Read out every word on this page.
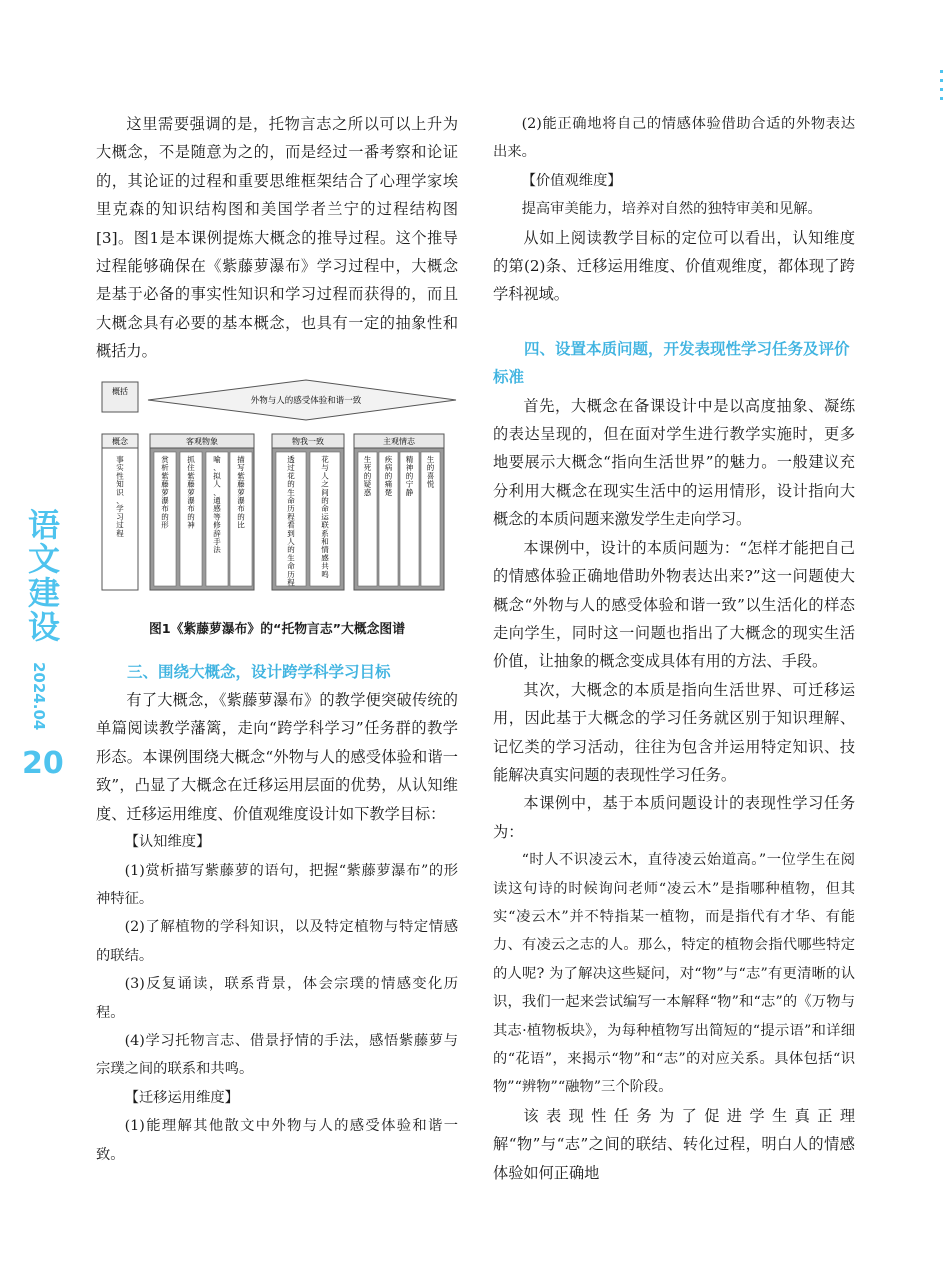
语文建设
2024.04
20

这里需要强调的是，托物言志之所以可以上升为大概念，不是随意为之的，而是经过一番考察和论证的，其论证的过程和重要思维框架结合了心理学家埃里克森的知识结构图和美国学者兰宁的过程结构图[3]。图1是本课例提炼大概念的推导过程。这个推导过程能够确保在《紫藤萝瀑布》学习过程中，大概念是基于必备的事实性知识和学习过程而获得的，而且大概念具有必要的基本概念，也具有一定的抽象性和概括力。

概括
外物与人的感受体验和谐一致
概念	客观物象	物我一致	主观情志
事实性知识、学习过程
赏析紫藤萝瀑布的形
抓住紫藤萝瀑布的神
喻、拟人、通感等修辞手法
描写紫藤萝瀑布的比
透过花的生命历程看到人的生命历程
花与人之间的命运联系和情感共鸣
生死的疑惑
疾病的痛楚
精神的宁静
生的喜悦
图1《紫藤萝瀑布》的“托物言志”大概念图谱
三、围绕大概念，设计跨学科学习目标

有了大概念，《紫藤萝瀑布》的教学便突破传统的单篇阅读教学藩篱，走向“跨学科学习”任务群的教学形态。本课例围绕大概念“外物与人的感受体验和谐一致”，凸显了大概念在迁移运用层面的优势，从认知维度、迁移运用维度、价值观维度设计如下教学目标：

【认知维度】

(1)赏析描写紫藤萝的语句，把握“紫藤萝瀑布”的形神特征。

(2)了解植物的学科知识，以及特定植物与特定情感的联结。

(3)反复诵读，联系背景，体会宗璞的情感变化历程。

(4)学习托物言志、借景抒情的手法，感悟紫藤萝与宗璞之间的联系和共鸣。

【迁移运用维度】

(1)能理解其他散文中外物与人的感受体验和谐一致。

(2)能正确地将自己的情感体验借助合适的外物表达出来。

【价值观维度】

提高审美能力，培养对自然的独特审美和见解。

从如上阅读教学目标的定位可以看出，认知维度的第(2)条、迁移运用维度、价值观维度，都体现了跨学科视域。

四、设置本质问题，开发表现性学习任务及评价标准

首先，大概念在备课设计中是以高度抽象、凝练的表达呈现的，但在面对学生进行教学实施时，更多地要展示大概念“指向生活世界”的魅力。一般建议充分利用大概念在现实生活中的运用情形，设计指向大概念的本质问题来激发学生走向学习。

本课例中，设计的本质问题为：“怎样才能把自己的情感体验正确地借助外物表达出来?”这一问题使大概念“外物与人的感受体验和谐一致”以生活化的样态走向学生，同时这一问题也指出了大概念的现实生活价值，让抽象的概念变成具体有用的方法、手段。

其次，大概念的本质是指向生活世界、可迁移运用，因此基于大概念的学习任务就区别于知识理解、记忆类的学习活动，往往为包含并运用特定知识、技能解决真实问题的表现性学习任务。

本课例中，基于本质问题设计的表现性学习任务为：

“时人不识凌云木，直待凌云始道高。”一位学生在阅读这句诗的时候询问老师“凌云木”是指哪种植物，但其实“凌云木”并不特指某一植物，而是指代有才华、有能力、有凌云之志的人。那么，特定的植物会指代哪些特定的人呢? 为了解决这些疑问，对“物”与“志”有更清晰的认识，我们一起来尝试编写一本解释“物”和“志”的《万物与其志·植物板块》，为每种植物写出简短的“提示语”和详细的“花语”，来揭示“物”和“志”的对应关系。具体包括“识物”“辨物”“融物”三个阶段。

该表现性任务为了促进学生真正理解“物”与“志”之间的联结、转化过程，明白人的情感体验如何正确地
